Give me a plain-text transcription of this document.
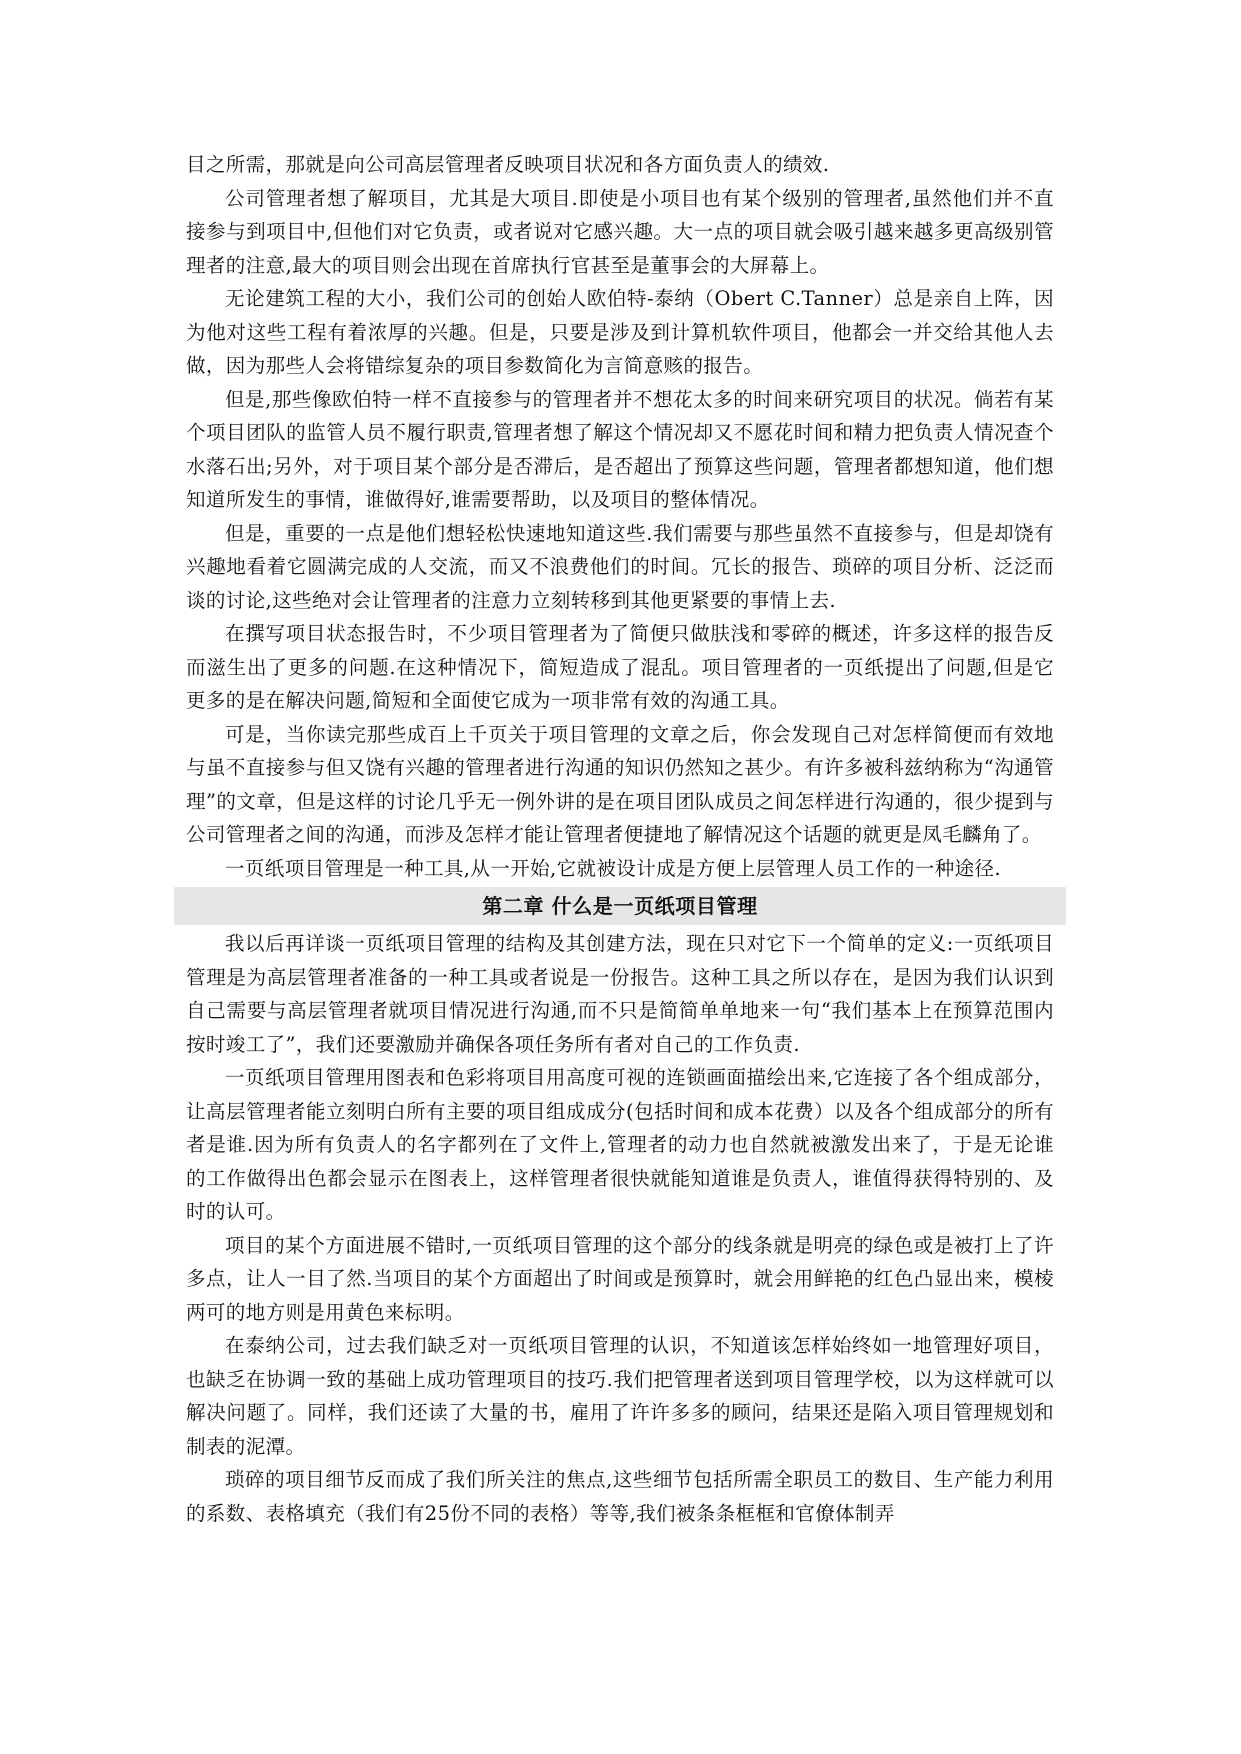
目之所需，那就是向公司高层管理者反映项目状况和各方面负责人的绩效.

公司管理者想了解项目，尤其是大项目.即使是小项目也有某个级别的管理者,虽然他们并不直接参与到项目中,但他们对它负责，或者说对它感兴趣。大一点的项目就会吸引越来越多更高级别管理者的注意,最大的项目则会出现在首席执行官甚至是董事会的大屏幕上。

无论建筑工程的大小，我们公司的创始人欧伯特-泰纳（Obert C.Tanner）总是亲自上阵，因为他对这些工程有着浓厚的兴趣。但是，只要是涉及到计算机软件项目，他都会一并交给其他人去做，因为那些人会将错综复杂的项目参数简化为言简意赅的报告。

但是,那些像欧伯特一样不直接参与的管理者并不想花太多的时间来研究项目的状况。倘若有某个项目团队的监管人员不履行职责,管理者想了解这个情况却又不愿花时间和精力把负责人情况查个水落石出;另外，对于项目某个部分是否滞后，是否超出了预算这些问题，管理者都想知道，他们想知道所发生的事情，谁做得好,谁需要帮助，以及项目的整体情况。

但是，重要的一点是他们想轻松快速地知道这些.我们需要与那些虽然不直接参与，但是却饶有兴趣地看着它圆满完成的人交流，而又不浪费他们的时间。冗长的报告、琐碎的项目分析、泛泛而谈的讨论,这些绝对会让管理者的注意力立刻转移到其他更紧要的事情上去.

在撰写项目状态报告时，不少项目管理者为了简便只做肤浅和零碎的概述，许多这样的报告反而滋生出了更多的问题.在这种情况下，简短造成了混乱。项目管理者的一页纸提出了问题,但是它更多的是在解决问题,简短和全面使它成为一项非常有效的沟通工具。

可是，当你读完那些成百上千页关于项目管理的文章之后，你会发现自己对怎样简便而有效地与虽不直接参与但又饶有兴趣的管理者进行沟通的知识仍然知之甚少。有许多被科兹纳称为“沟通管理”的文章，但是这样的讨论几乎无一例外讲的是在项目团队成员之间怎样进行沟通的，很少提到与公司管理者之间的沟通，而涉及怎样才能让管理者便捷地了解情况这个话题的就更是凤毛麟角了。

一页纸项目管理是一种工具,从一开始,它就被设计成是方便上层管理人员工作的一种途径.

第二章 什么是一页纸项目管理

我以后再详谈一页纸项目管理的结构及其创建方法，现在只对它下一个简单的定义:一页纸项目管理是为高层管理者准备的一种工具或者说是一份报告。这种工具之所以存在，是因为我们认识到自己需要与高层管理者就项目情况进行沟通,而不只是简简单单地来一句“我们基本上在预算范围内按时竣工了”，我们还要激励并确保各项任务所有者对自己的工作负责.

一页纸项目管理用图表和色彩将项目用高度可视的连锁画面描绘出来,它连接了各个组成部分，让高层管理者能立刻明白所有主要的项目组成成分(包括时间和成本花费）以及各个组成部分的所有者是谁.因为所有负责人的名字都列在了文件上,管理者的动力也自然就被激发出来了，于是无论谁的工作做得出色都会显示在图表上，这样管理者很快就能知道谁是负责人，谁值得获得特别的、及时的认可。

项目的某个方面进展不错时,一页纸项目管理的这个部分的线条就是明亮的绿色或是被打上了许多点，让人一目了然.当项目的某个方面超出了时间或是预算时，就会用鲜艳的红色凸显出来，模棱两可的地方则是用黄色来标明。

在泰纳公司，过去我们缺乏对一页纸项目管理的认识，不知道该怎样始终如一地管理好项目，也缺乏在协调一致的基础上成功管理项目的技巧.我们把管理者送到项目管理学校，以为这样就可以解决问题了。同样，我们还读了大量的书，雇用了许许多多的顾问，结果还是陷入项目管理规划和制表的泥潭。

琐碎的项目细节反而成了我们所关注的焦点,这些细节包括所需全职员工的数目、生产能力利用的系数、表格填充（我们有25份不同的表格）等等,我们被条条框框和官僚体制弄
